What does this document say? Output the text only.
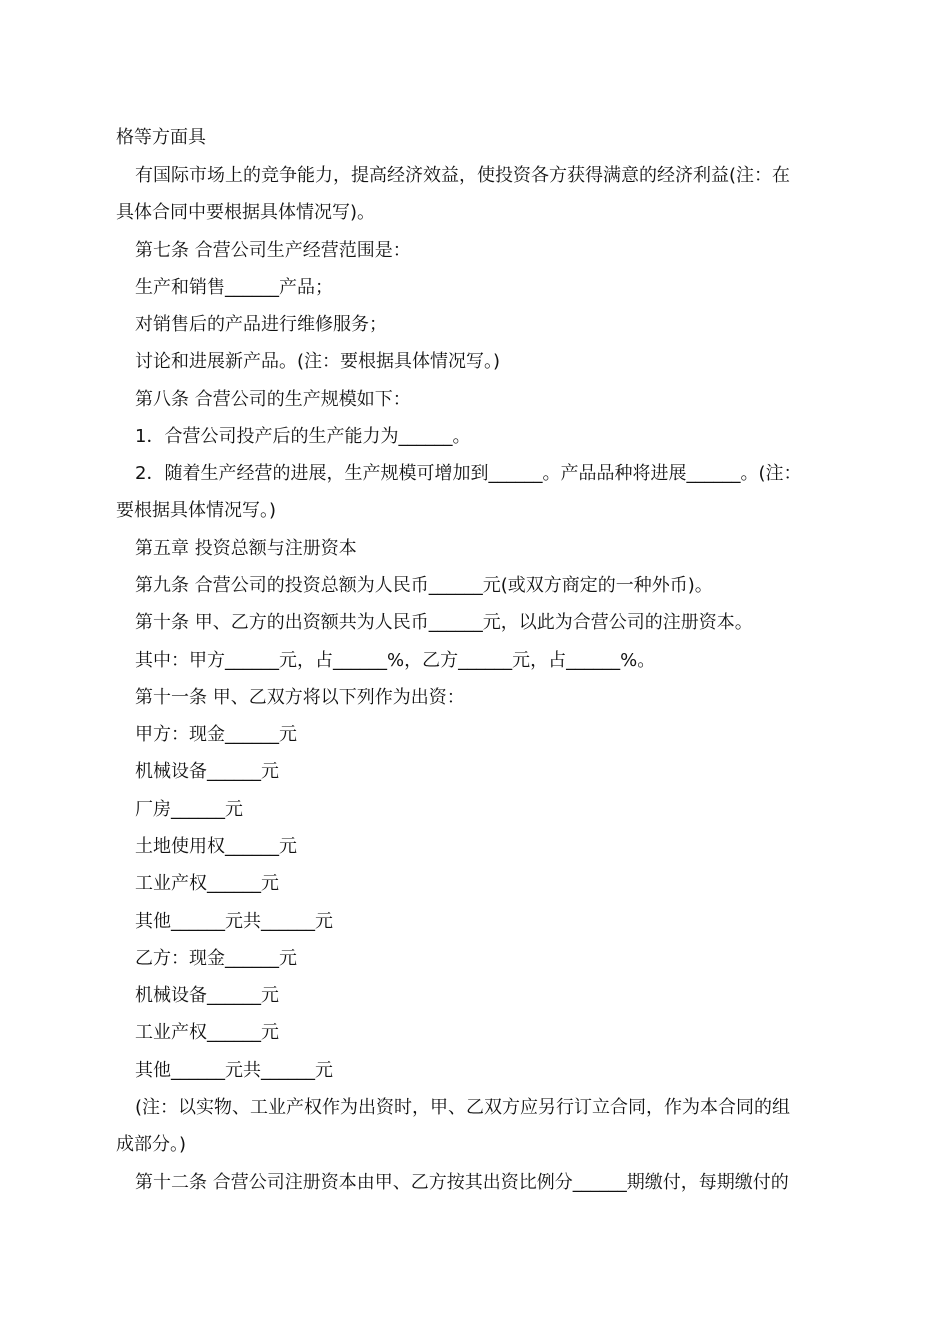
格等方面具
有国际市场上的竞争能力，提高经济效益，使投资各方获得满意的经济利益(注：在
具体合同中要根据具体情况写)。
第七条 合营公司生产经营范围是：
生产和销售______产品；
对销售后的产品进行维修服务；
讨论和进展新产品。(注：要根据具体情况写。)
第八条 合营公司的生产规模如下：
1．合营公司投产后的生产能力为______。
2．随着生产经营的进展，生产规模可增加到______。产品品种将进展______。(注：
要根据具体情况写。)
第五章 投资总额与注册资本
第九条 合营公司的投资总额为人民币______元(或双方商定的一种外币)。
第十条 甲、乙方的出资额共为人民币______元，以此为合营公司的注册资本。
其中：甲方______元，占______%，乙方______元，占______%。
第十一条 甲、乙双方将以下列作为出资：
甲方：现金______元
机械设备______元
厂房______元
土地使用权______元
工业产权______元
其他______元共______元
乙方：现金______元
机械设备______元
工业产权______元
其他______元共______元
(注：以实物、工业产权作为出资时，甲、乙双方应另行订立合同，作为本合同的组
成部分。)
第十二条 合营公司注册资本由甲、乙方按其出资比例分______期缴付，每期缴付的
